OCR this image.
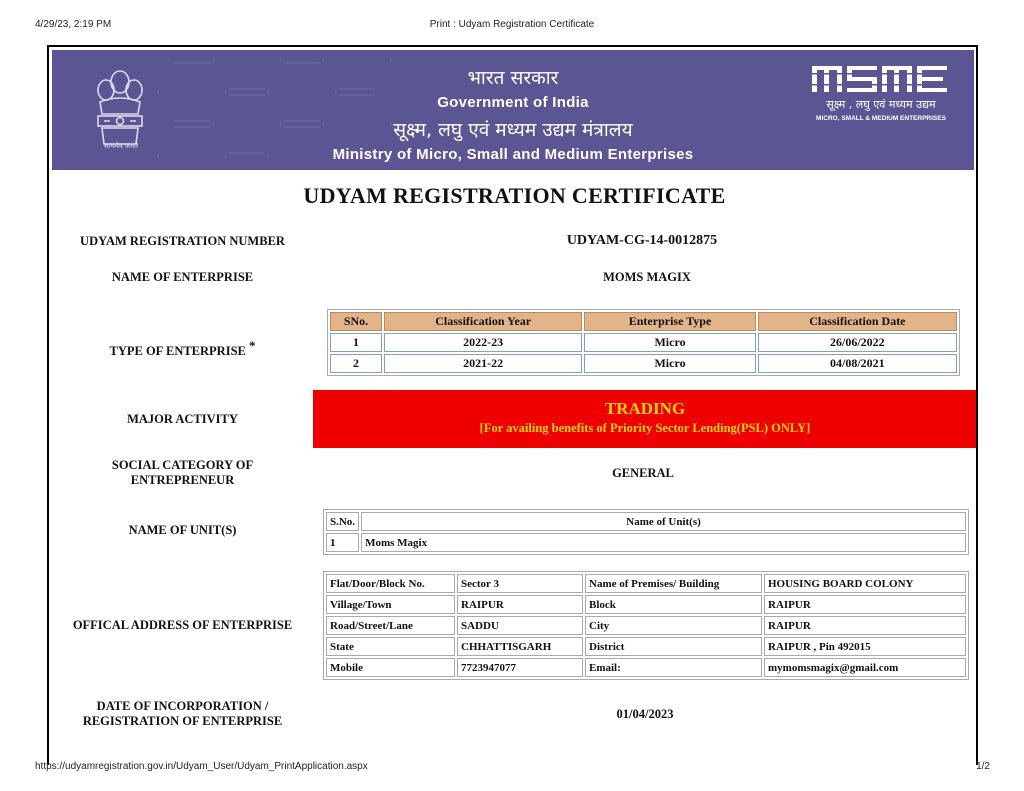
4/29/23, 2:19 PM	Print : Udyam Registration Certificate
सत्यमेव जयते
भारत सरकार
Government of India
सूक्ष्म, लघु एवं मध्यम उद्यम मंत्रालय
Ministry of Micro, Small and Medium Enterprises
MSME
सूक्ष्म , लघु एवं मध्यम उद्यम
MICRO, SMALL & MEDIUM ENTERPRISES
UDYAM REGISTRATION CERTIFICATE
UDYAM REGISTRATION NUMBER	UDYAM-CG-14-0012875
NAME OF ENTERPRISE	MOMS MAGIX
TYPE OF ENTERPRISE *
SNo.	Classification Year	Enterprise Type	Classification Date
1	2022-23	Micro	26/06/2022
2	2021-22	Micro	04/08/2021
MAJOR ACTIVITY
TRADING
[For availing benefits of Priority Sector Lending(PSL) ONLY]
SOCIAL CATEGORY OF
ENTREPRENEUR	GENERAL
NAME OF UNIT(S)
S.No.	Name of Unit(s)
1	Moms Magix
OFFICAL ADDRESS OF ENTERPRISE
Flat/Door/Block No.	Sector 3	Name of Premises/ Building	HOUSING BOARD COLONY
Village/Town	RAIPUR	Block	RAIPUR
Road/Street/Lane	SADDU	City	RAIPUR
State	CHHATTISGARH	District	RAIPUR , Pin 492015
Mobile	7723947077	Email:	mymomsmagix@gmail.com
DATE OF INCORPORATION /
REGISTRATION OF ENTERPRISE	01/04/2023
https://udyamregistration.gov.in/Udyam_User/Udyam_PrintApplication.aspx	1/2
